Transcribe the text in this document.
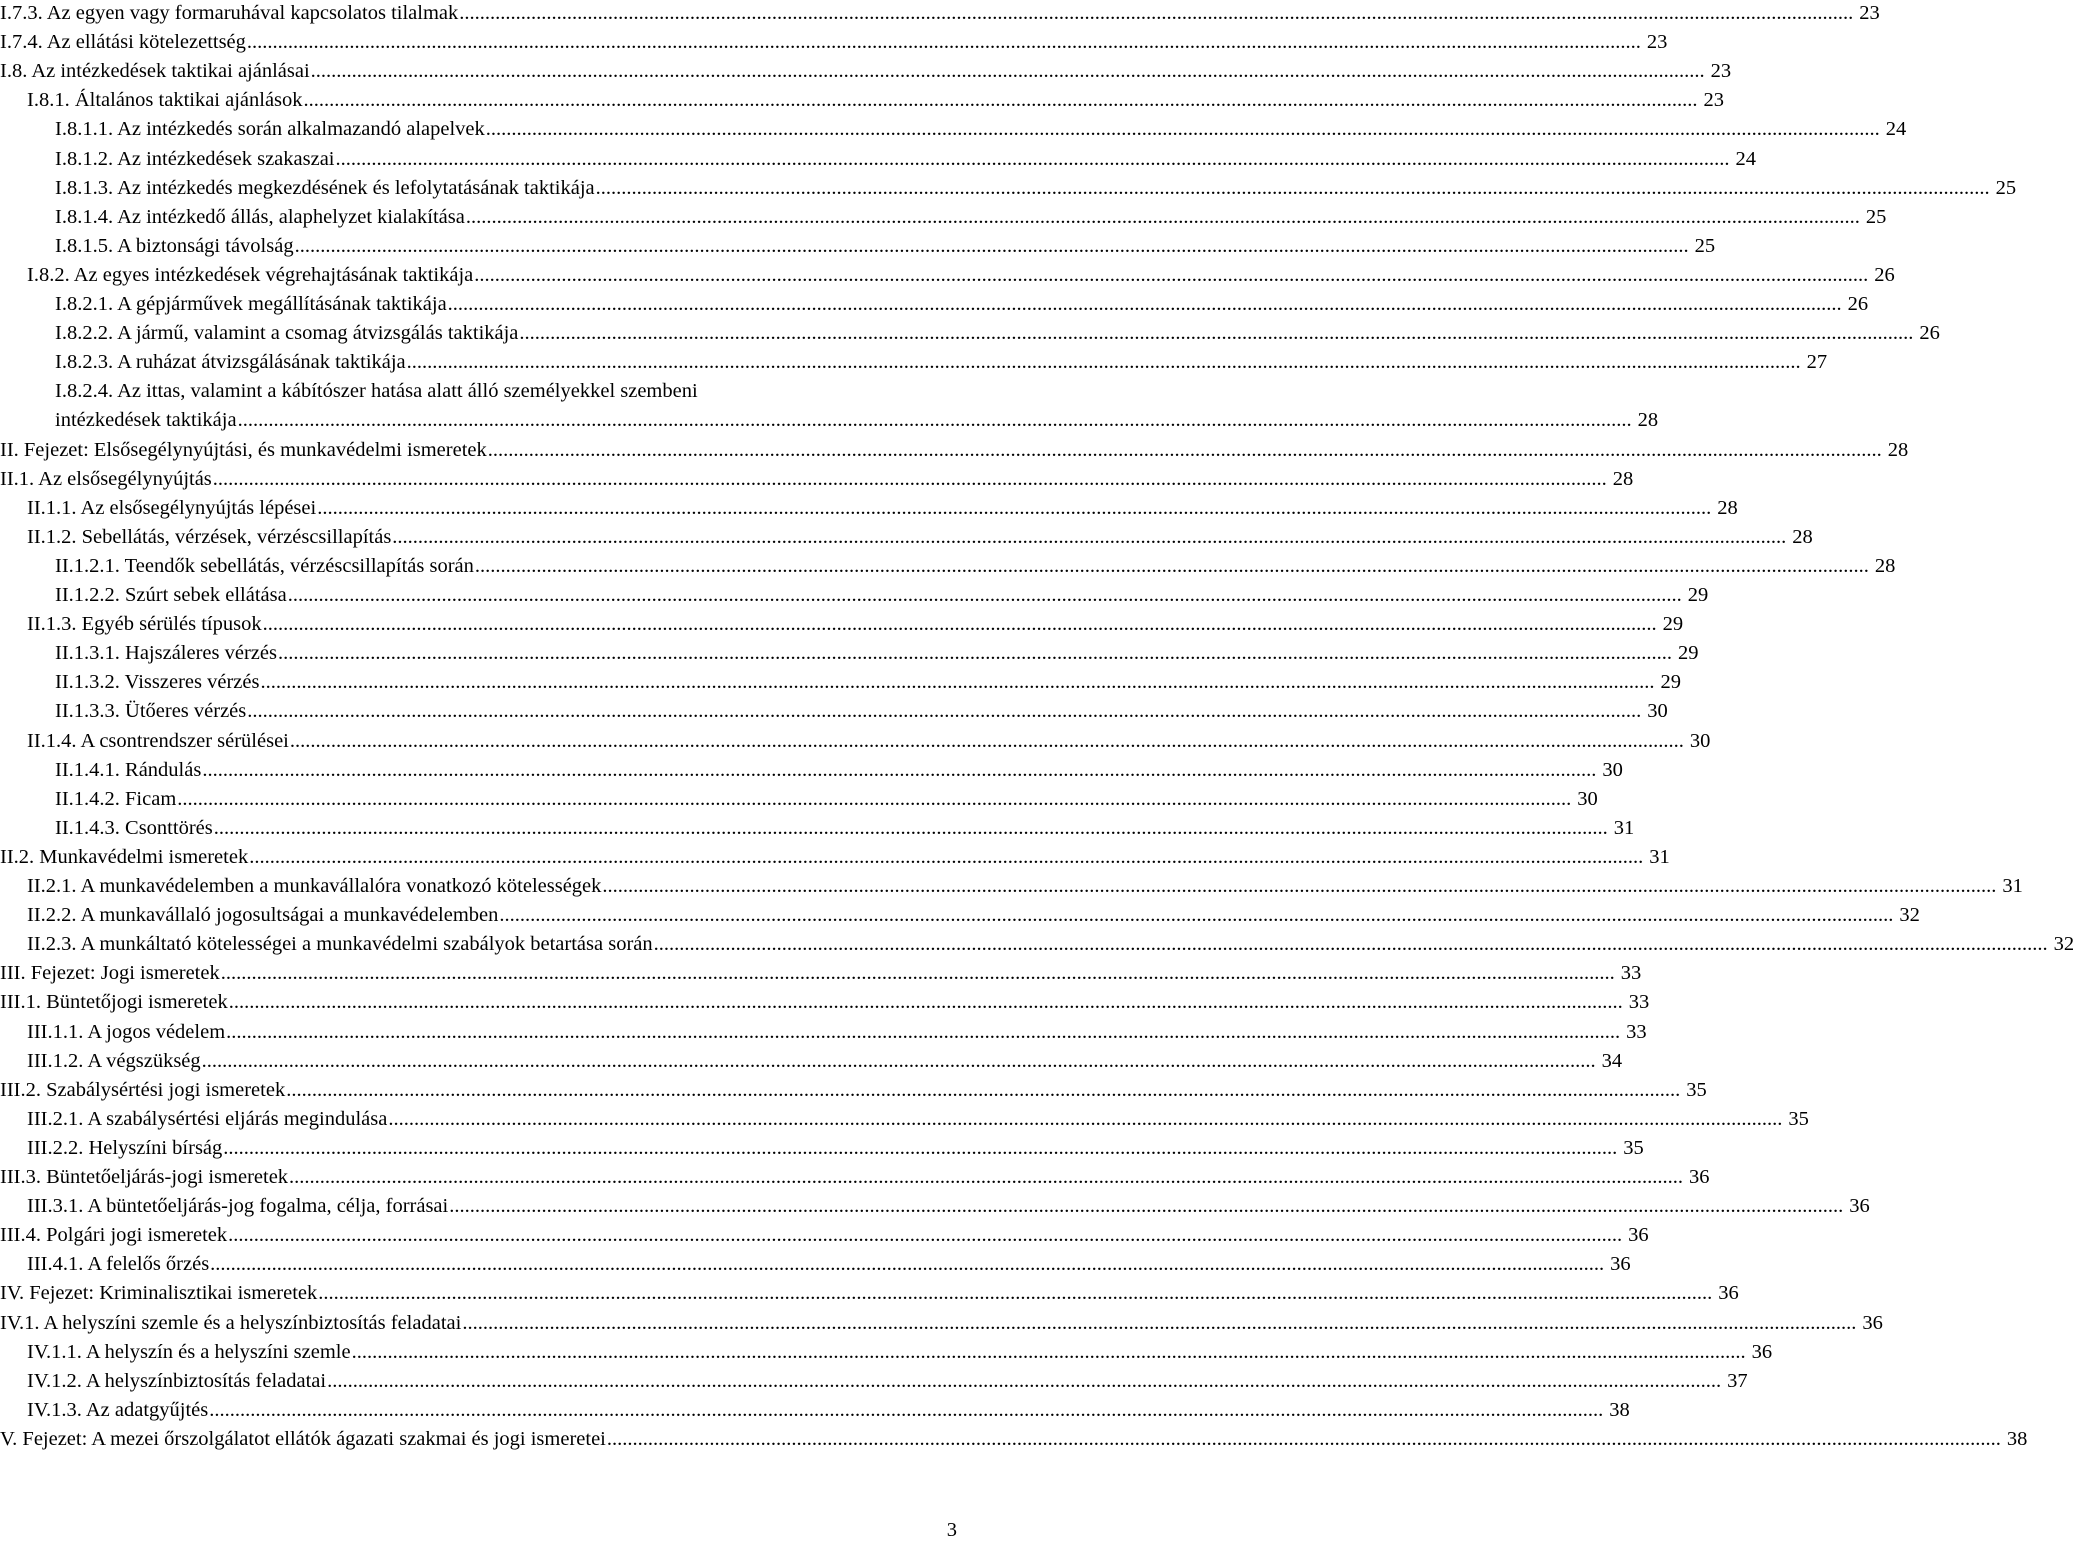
I.7.3. Az egyen vagy formaruhával kapcsolatos tilalmak .....	23
I.7.4. Az ellátási kötelezettség .....	23
I.8. Az intézkedések taktikai ajánlásai .....	23
I.8.1. Általános taktikai ajánlások .....	23
I.8.1.1. Az intézkedés során alkalmazandó alapelvek .....	24
I.8.1.2. Az intézkedések szakaszai .....	24
I.8.1.3. Az intézkedés megkezdésének és lefolytatásának taktikája .....	25
I.8.1.4. Az intézkedő állás, alaphelyzet kialakítása .....	25
I.8.1.5. A biztonsági távolság .....	25
I.8.2. Az egyes intézkedések végrehajtásának taktikája .....	26
I.8.2.1. A gépjárművek megállításának taktikája .....	26
I.8.2.2. A jármű, valamint a csomag átvizsgálás taktikája .....	26
I.8.2.3. A ruházat átvizsgálásának taktikája .....	27
I.8.2.4. Az ittas, valamint a kábítószer hatása alatt álló személyekkel szembeni
intézkedések taktikája .....	28
II. Fejezet: Elsősegélynyújtási, és munkavédelmi ismeretek .....	28
II.1. Az elsősegélynyújtás .....	28
II.1.1. Az elsősegélynyújtás lépései .....	28
II.1.2. Sebellátás, vérzések, vérzéscsillapítás .....	28
II.1.2.1. Teendők sebellátás, vérzéscsillapítás során .....	28
II.1.2.2. Szúrt sebek ellátása .....	29
II.1.3. Egyéb sérülés típusok .....	29
II.1.3.1. Hajszáleres vérzés .....	29
II.1.3.2. Visszeres vérzés .....	29
II.1.3.3. Ütőeres vérzés .....	30
II.1.4. A csontrendszer sérülései .....	30
II.1.4.1. Rándulás .....	30
II.1.4.2. Ficam .....	30
II.1.4.3. Csonttörés .....	31
II.2. Munkavédelmi ismeretek .....	31
II.2.1. A munkavédelemben a munkavállalóra vonatkozó kötelességek .....	31
II.2.2. A munkavállaló jogosultságai a munkavédelemben .....	32
II.2.3. A munkáltató kötelességei a munkavédelmi szabályok betartása során .....	32
III. Fejezet: Jogi ismeretek .....	33
III.1. Büntetőjogi ismeretek .....	33
III.1.1. A jogos védelem .....	33
III.1.2. A végszükség .....	34
III.2. Szabálysértési jogi ismeretek .....	35
III.2.1. A szabálysértési eljárás megindulása .....	35
III.2.2. Helyszíni bírság .....	35
III.3. Büntetőeljárás-jogi ismeretek .....	36
III.3.1. A büntetőeljárás-jog fogalma, célja, forrásai .....	36
III.4. Polgári jogi ismeretek .....	36
III.4.1. A felelős őrzés .....	36
IV. Fejezet: Kriminalisztikai ismeretek .....	36
IV.1. A helyszíni szemle és a helyszínbiztosítás feladatai .....	36
IV.1.1. A helyszín és a helyszíni szemle .....	36
IV.1.2. A helyszínbiztosítás feladatai .....	37
IV.1.3. Az adatgyűjtés .....	38
V. Fejezet: A mezei őrszolgálatot ellátók ágazati szakmai és jogi ismeretei .....	38
3
